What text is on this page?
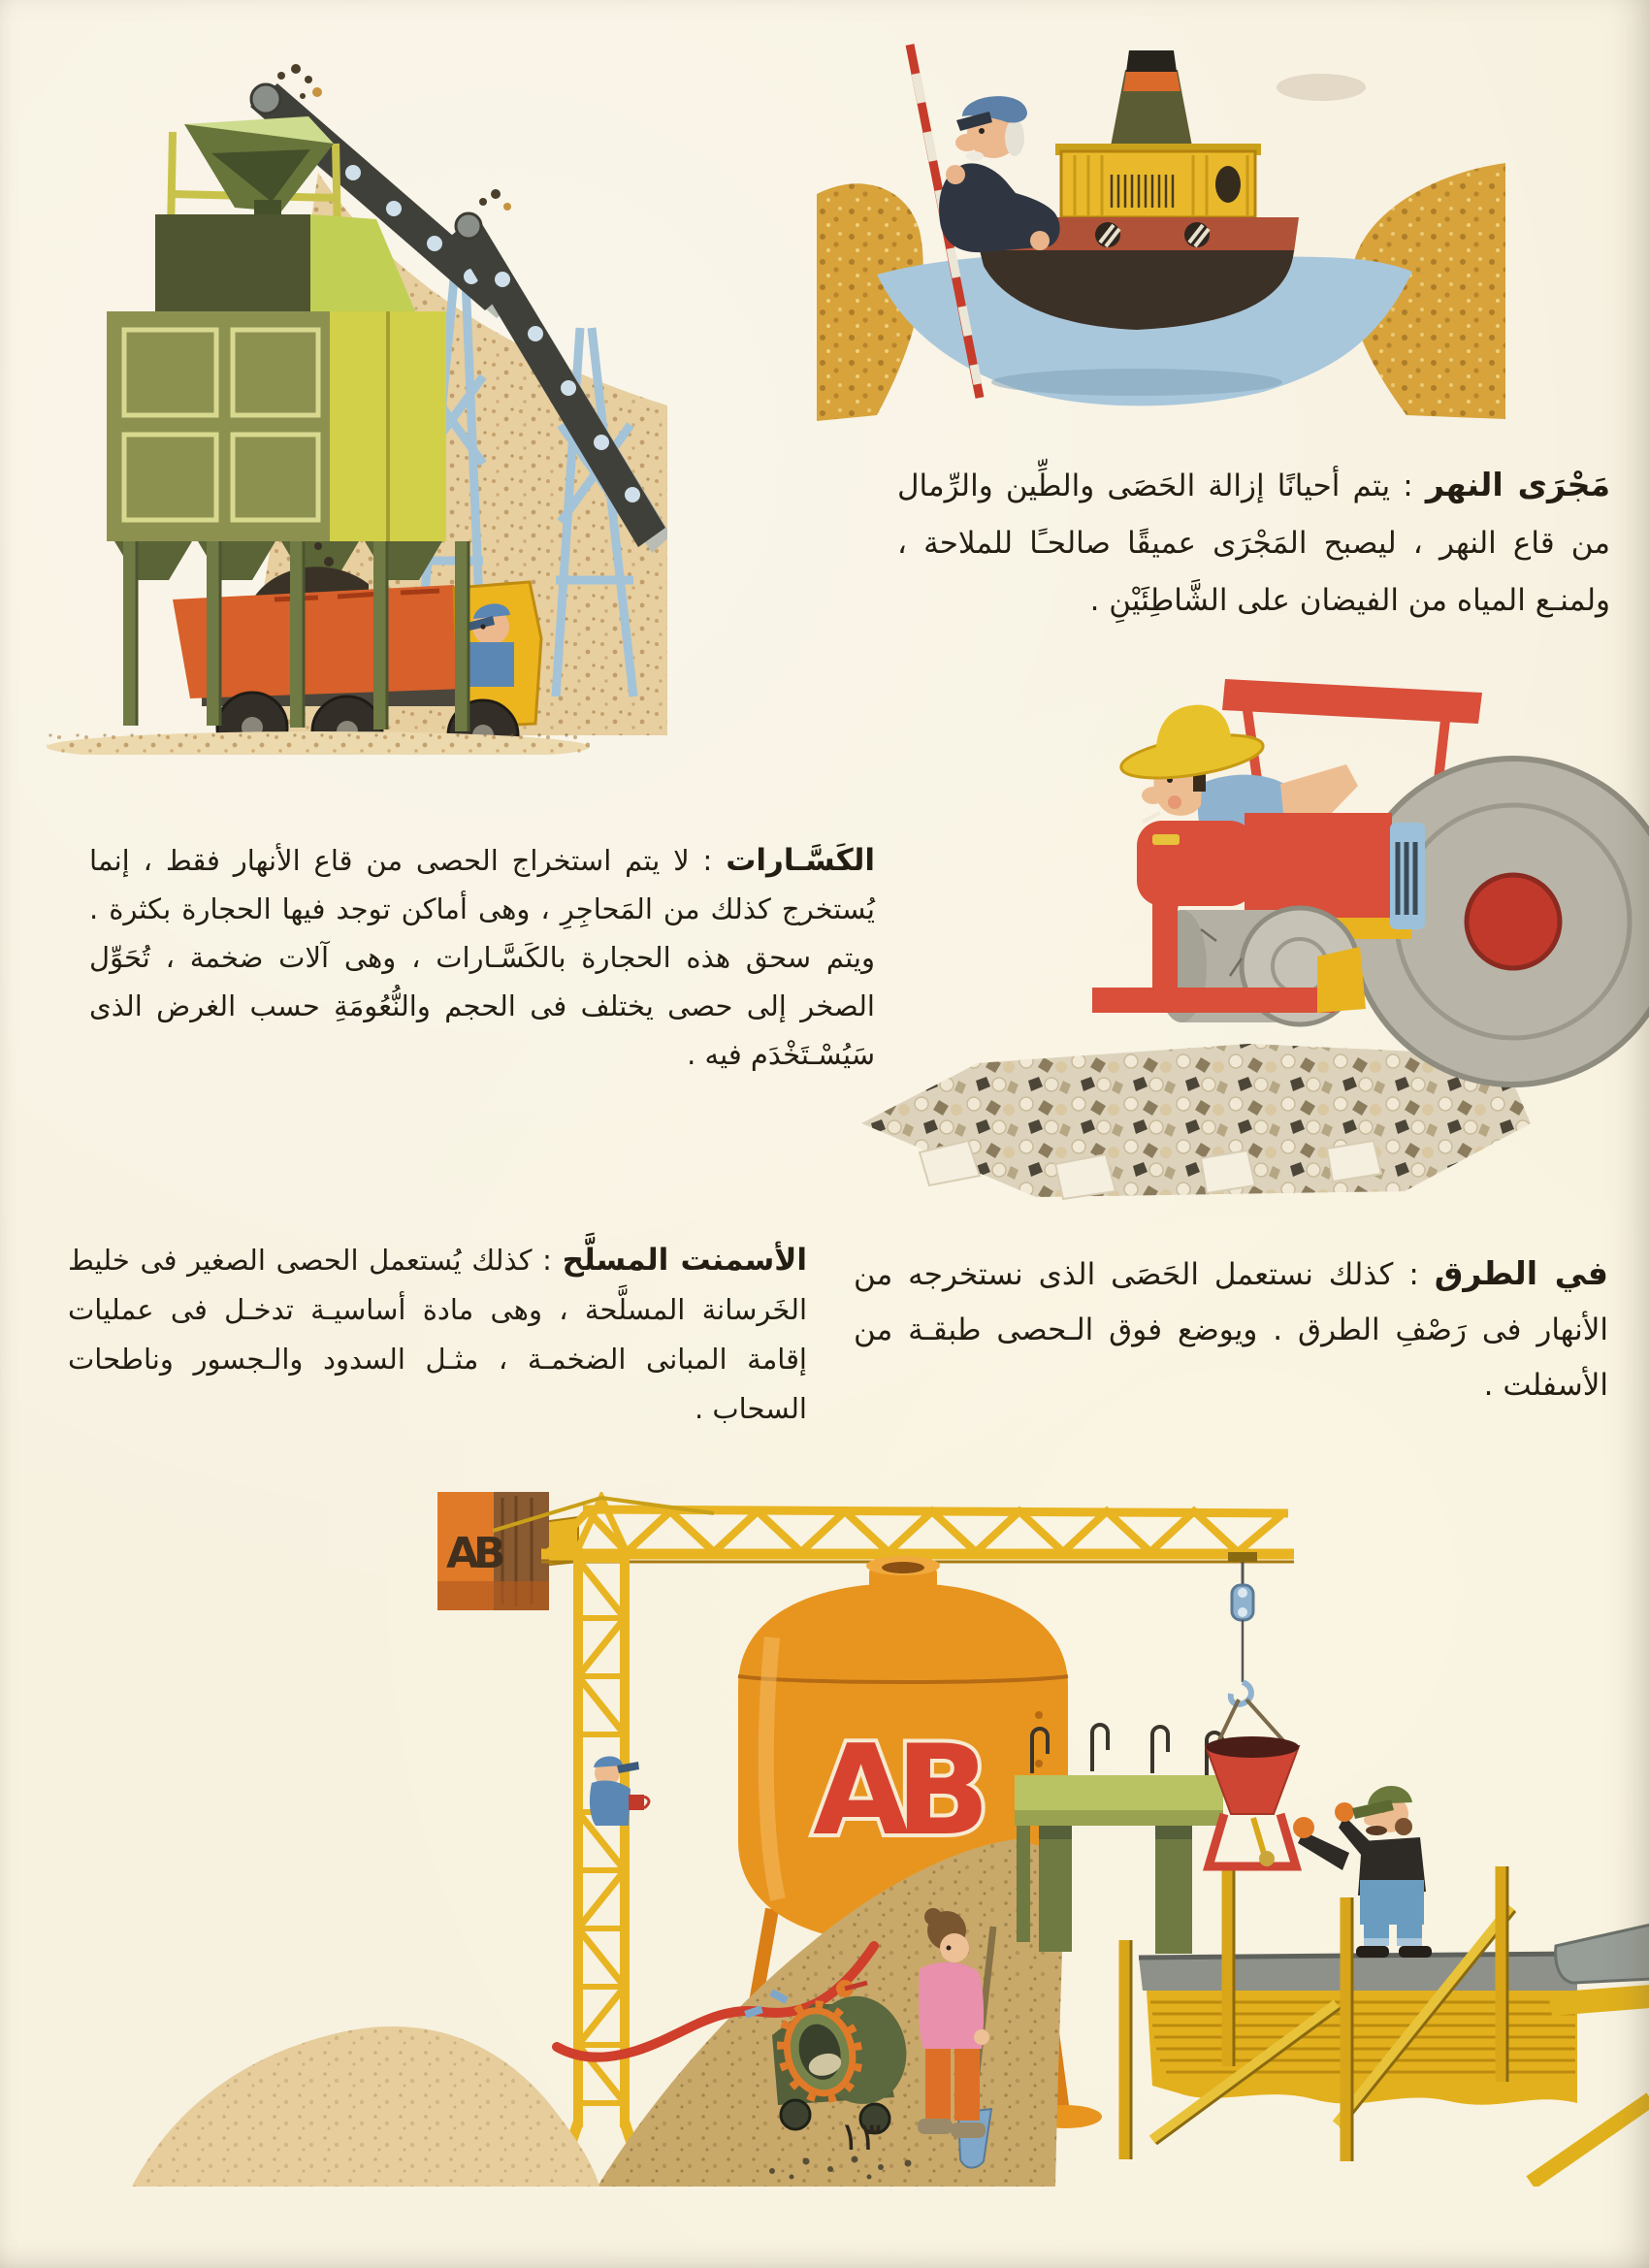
مَجْرَى النهر : يتم أحيانًا إزالة الحَصَى والطِّين والرِّمال من قاع النهر ، ليصبح المَجْرَى عميقًا صالحـًا للملاحة ، ولمنـع المياه من الفيضان على الشَّاطِئَيْنِ .
الكَسَّـارات : لا يتم استخراج الحصى من قاع الأنهار فقط ، إنما يُستخرج كذلك من المَحاجِرِ ، وهى أماكن توجد فيها الحجارة بكثرة . ويتم سحق هذه الحجارة بالكَسَّـارات ، وهى آلات ضخمة ، تُحَوِّل الصخر إلى حصى يختلف فى الحجم والنُّعُومَةِ حسب الغرض الذى سَيُسْـتَخْدَم فيه .
الأسمنت المسلَّح : كذلك يُستعمل الحصى الصغير فى خليط الخَرسانة المسلَّحة ، وهى مادة أساسيـة تدخـل فى عمليات إقامة المبانى الضخمـة ، مثـل السدود والـجسور وناطحات السحاب .
في الطرق : كذلك نستعمل الحَصَى الذى نستخرجه من الأنهار فى رَصْفِ الطرق . ويوضع فوق الـحصى طبقـة من الأسفلت .
AB
AB
١٣
